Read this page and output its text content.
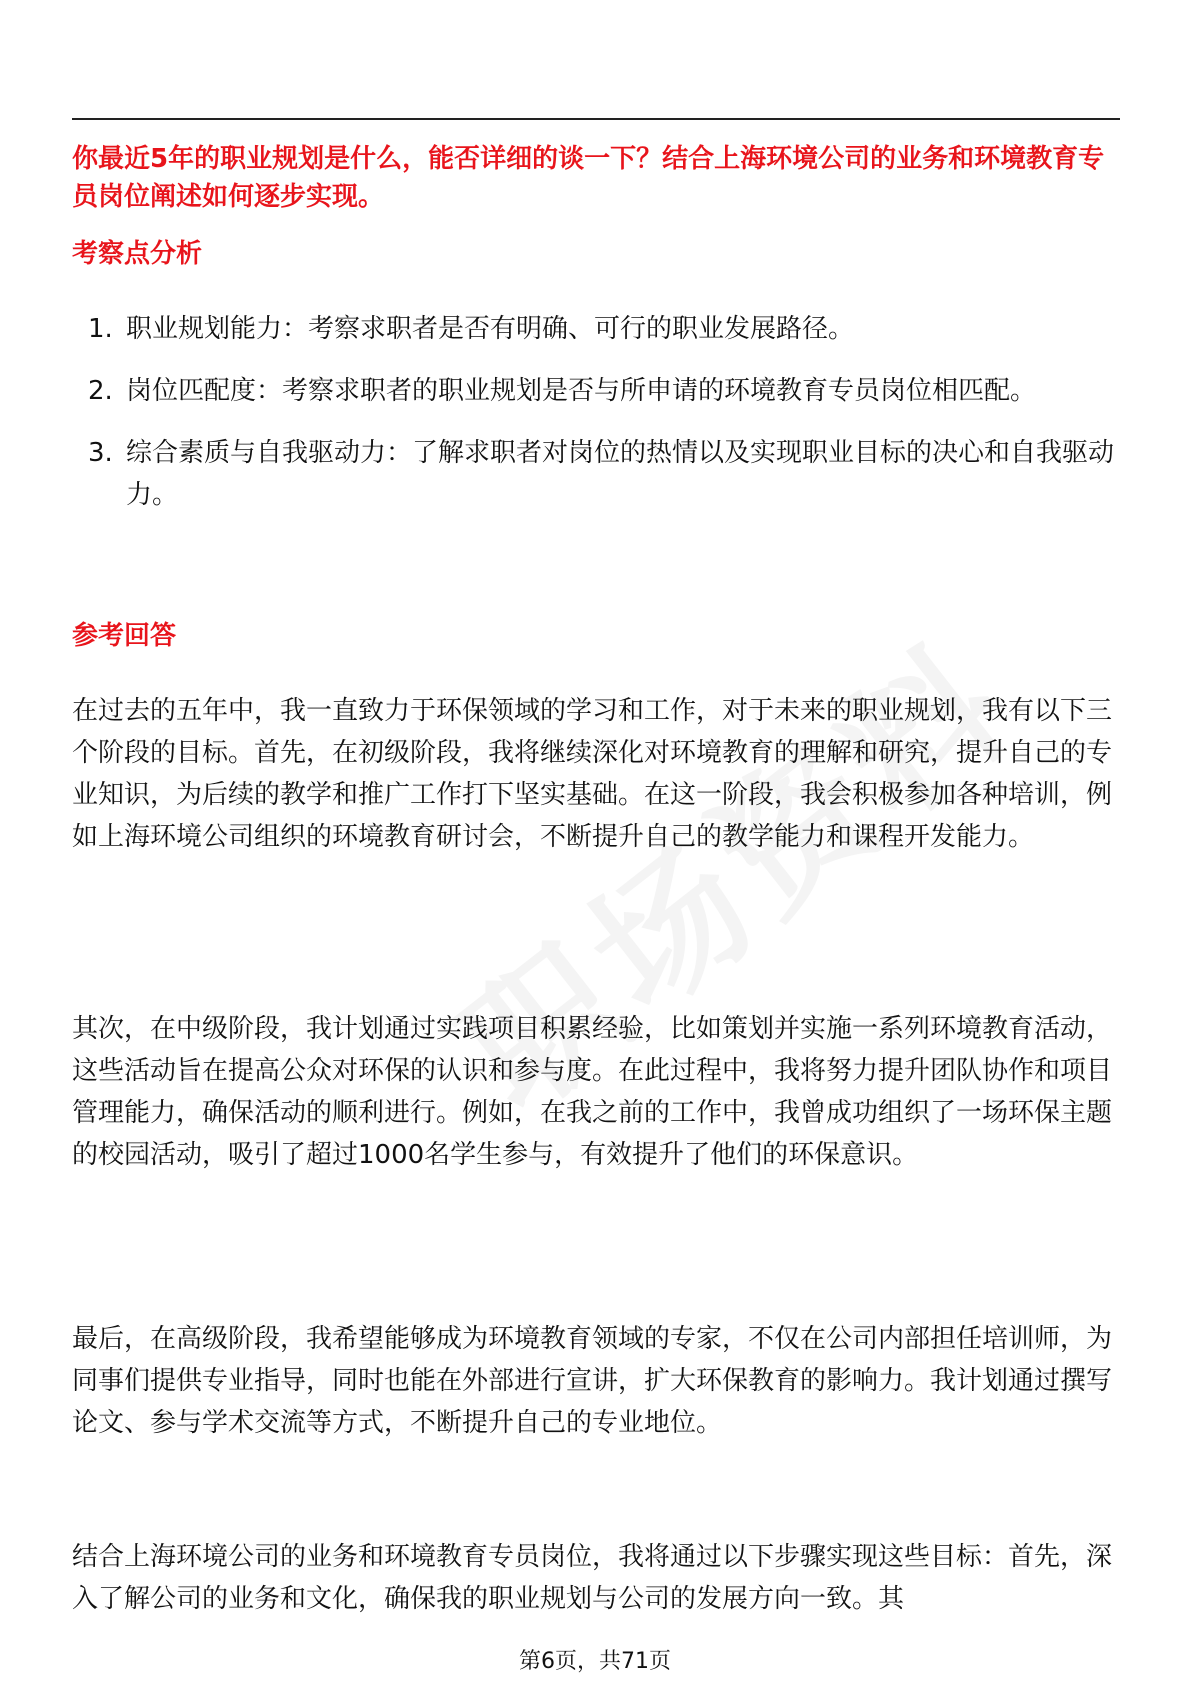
你最近5年的职业规划是什么，能否详细的谈一下？结合上海环境公司的业务和环境教育专员岗位阐述如何逐步实现。

考察点分析
1. 职业规划能力：考察求职者是否有明确、可行的职业发展路径。
2. 岗位匹配度：考察求职者的职业规划是否与所申请的环境教育专员岗位相匹配。
3. 综合素质与自我驱动力：了解求职者对岗位的热情以及实现职业目标的决心和自我驱动力。
参考回答

在过去的五年中，我一直致力于环保领域的学习和工作，对于未来的职业规划，我有以下三个阶段的目标。首先，在初级阶段，我将继续深化对环境教育的理解和研究，提升自己的专业知识，为后续的教学和推广工作打下坚实基础。在这一阶段，我会积极参加各种培训，例如上海环境公司组织的环境教育研讨会，不断提升自己的教学能力和课程开发能力。

其次，在中级阶段，我计划通过实践项目积累经验，比如策划并实施一系列环境教育活动，这些活动旨在提高公众对环保的认识和参与度。在此过程中，我将努力提升团队协作和项目管理能力，确保活动的顺利进行。例如，在我之前的工作中，我曾成功组织了一场环保主题的校园活动，吸引了超过1000名学生参与，有效提升了他们的环保意识。

最后，在高级阶段，我希望能够成为环境教育领域的专家，不仅在公司内部担任培训师，为同事们提供专业指导，同时也能在外部进行宣讲，扩大环保教育的影响力。我计划通过撰写论文、参与学术交流等方式，不断提升自己的专业地位。

结合上海环境公司的业务和环境教育专员岗位，我将通过以下步骤实现这些目标：首先，深入了解公司的业务和文化，确保我的职业规划与公司的发展方向一致。其

第6页，共71页
